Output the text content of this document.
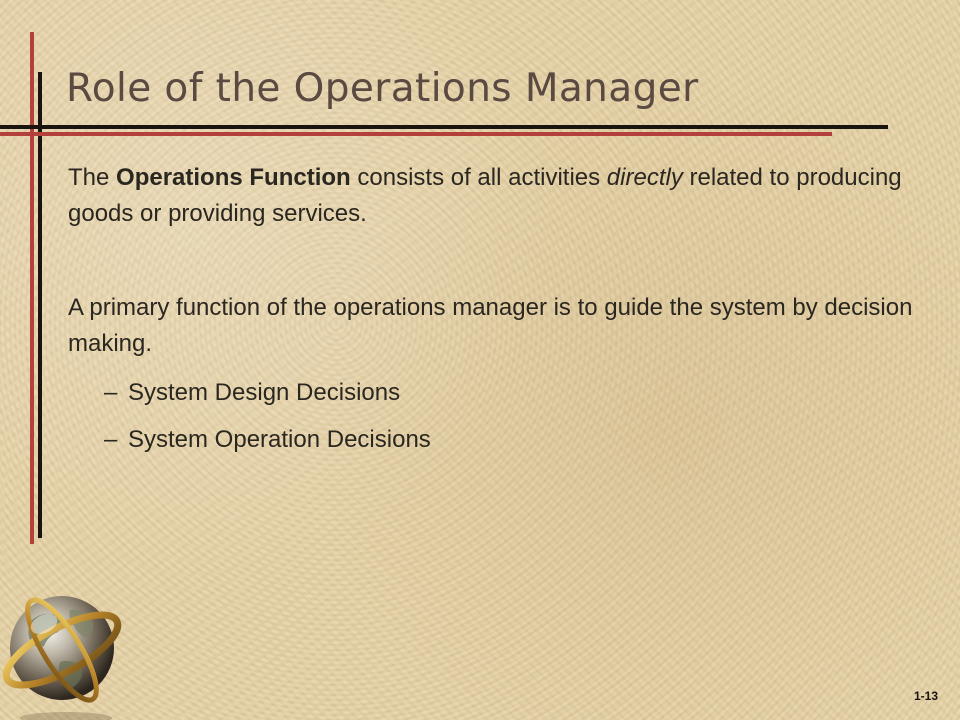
Role of the Operations Manager
The Operations Function consists of all activities directly related to producing goods or providing services.
A primary function of the operations manager is to guide the system by decision making.
– System Design Decisions
– System Operation Decisions
1-13
